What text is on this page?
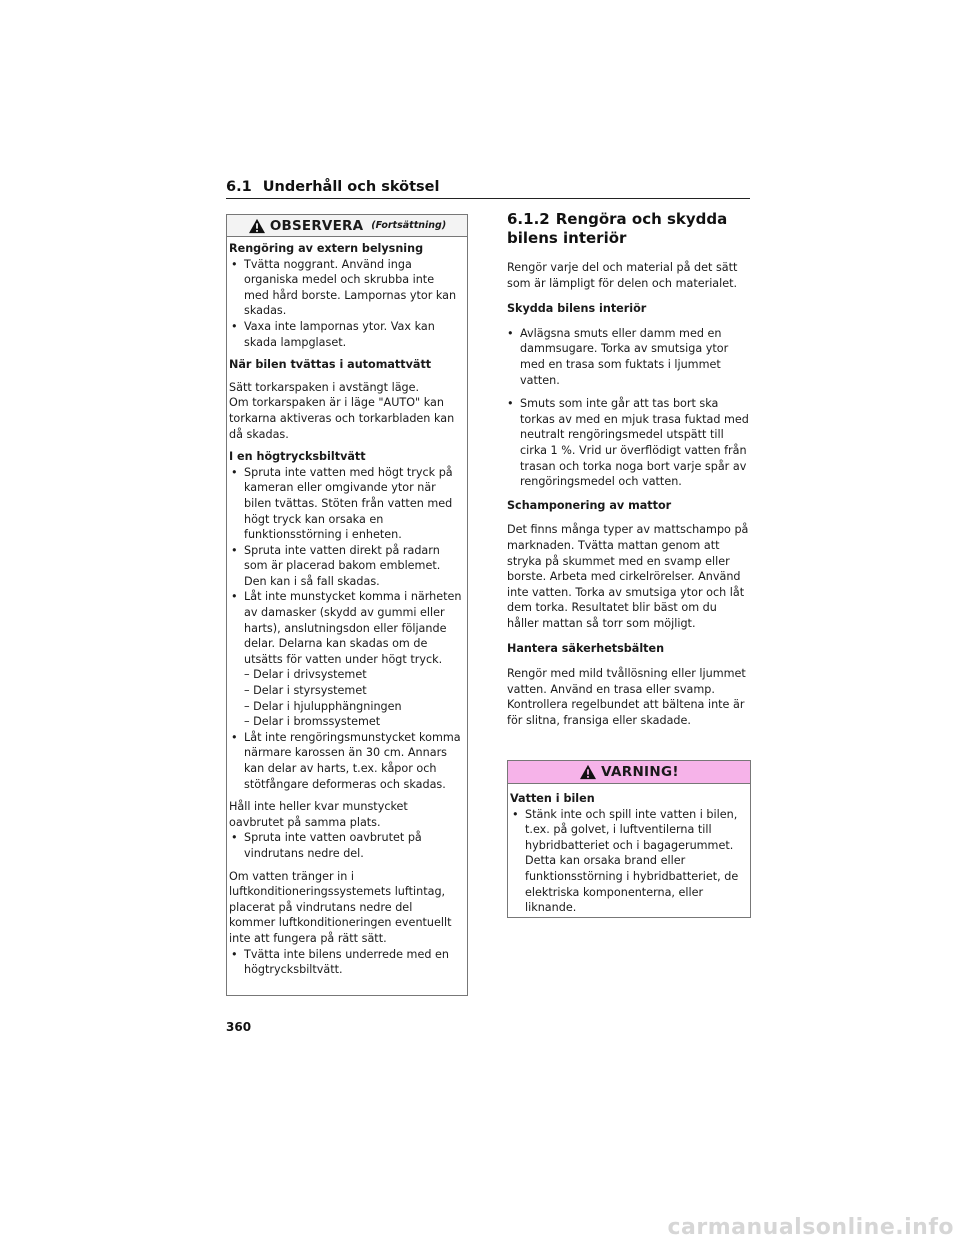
6.1 Underhåll och skötsel
OBSERVERA (Fortsättning)

Rengöring av extern belysning

• Tvätta noggrant. Använd inga organiska medel och skrubba inte med hård borste. Lampornas ytor kan skadas.
• Vaxa inte lampornas ytor. Vax kan skada lampglaset.

När bilen tvättas i automattvätt

Sätt torkarspaken i avstängt läge.

Om torkarspaken är i läge "AUTO" kan torkarna aktiveras och torkarbladen kan då skadas.

I en högtrycksbiltvätt

• Spruta inte vatten med högt tryck på kameran eller omgivande ytor när bilen tvättas. Stöten från vatten med högt tryck kan orsaka en funktionsstörning i enheten.
• Spruta inte vatten direkt på radarn som är placerad bakom emblemet. Den kan i så fall skadas.
• Låt inte munstycket komma i närheten av damasker (skydd av gummi eller harts), anslutningsdon eller följande delar. Delarna kan skadas om de utsätts för vatten under högt tryck.
– Delar i drivsystemet
– Delar i styrsystemet
– Delar i hjulupphängningen
– Delar i bromssystemet
• Låt inte rengöringsmunstycket komma närmare karossen än 30 cm. Annars kan delar av harts, t.ex. kåpor och stötfångare deformeras och skadas.

Håll inte heller kvar munstycket oavbrutet på samma plats.

• Spruta inte vatten oavbrutet på vindrutans nedre del.

Om vatten tränger in i luftkonditioneringssystemets luftintag, placerat på vindrutans nedre del kommer luftkonditioneringen eventuellt inte att fungera på rätt sätt.

• Tvätta inte bilens underrede med en högtrycksbiltvätt.
6.1.2 Rengöra och skydda bilens interiör

Rengör varje del och material på det sätt som är lämpligt för delen och materialet.

Skydda bilens interiör

• Avlägsna smuts eller damm med en dammsugare. Torka av smutsiga ytor med en trasa som fuktats i ljummet vatten.
• Smuts som inte går att tas bort ska torkas av med en mjuk trasa fuktad med neutralt rengöringsmedel utspätt till cirka 1 %. Vrid ur överflödigt vatten från trasan och torka noga bort varje spår av rengöringsmedel och vatten.

Schamponering av mattor

Det finns många typer av mattschampo på marknaden. Tvätta mattan genom att stryka på skummet med en svamp eller borste. Arbeta med cirkelrörelser. Använd inte vatten. Torka av smutsiga ytor och låt dem torka. Resultatet blir bäst om du håller mattan så torr som möjligt.

Hantera säkerhetsbälten

Rengör med mild tvållösning eller ljummet vatten. Använd en trasa eller svamp. Kontrollera regelbundet att bältena inte är för slitna, fransiga eller skadade.

VARNING!

Vatten i bilen

• Stänk inte och spill inte vatten i bilen, t.ex. på golvet, i luftventilerna till hybridbatteriet och i bagagerummet. Detta kan orsaka brand eller funktionsstörning i hybridbatteriet, de elektriska komponenterna, eller liknande.
360
carmanualsonline.info
